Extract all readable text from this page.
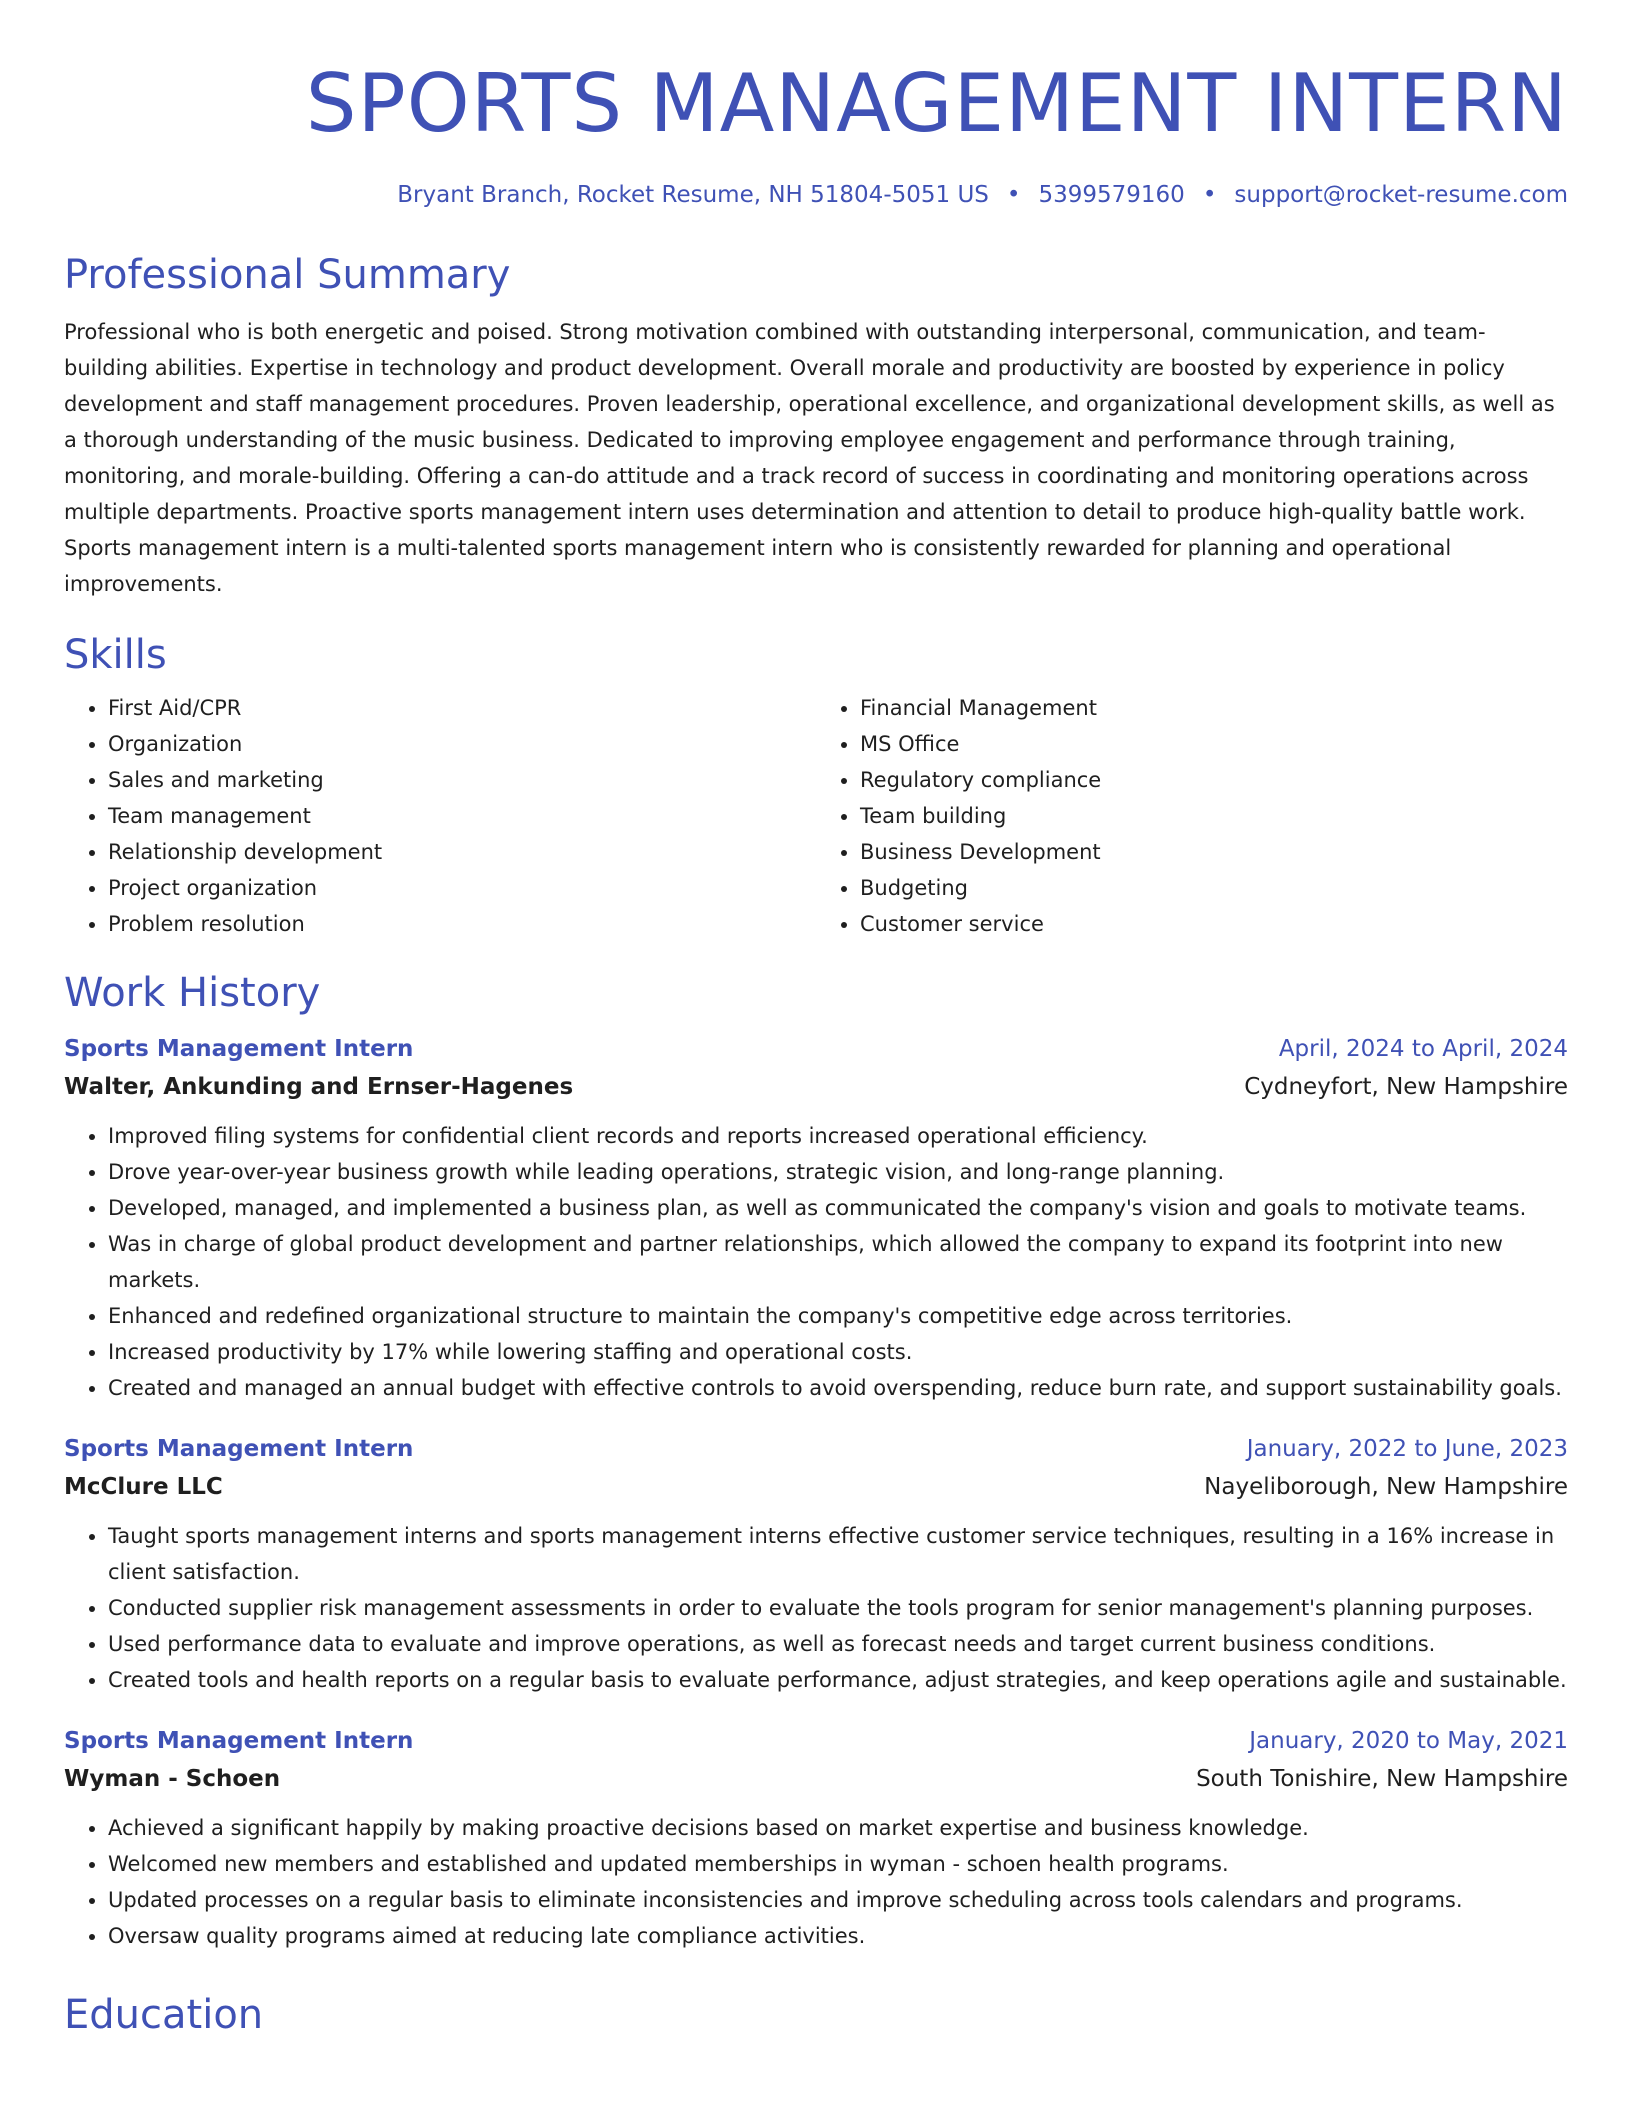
SPORTS MANAGEMENT INTERN
Bryant Branch, Rocket Resume, NH 51804-5051 US • 5399579160 • support@rocket-resume.com
Professional Summary

Professional who is both energetic and poised. Strong motivation combined with outstanding interpersonal, communication, and team-building abilities. Expertise in technology and product development. Overall morale and productivity are boosted by experience in policy development and staff management procedures. Proven leadership, operational excellence, and organizational development skills, as well as a thorough understanding of the music business. Dedicated to improving employee engagement and performance through training, monitoring, and morale-building. Offering a can-do attitude and a track record of success in coordinating and monitoring operations across multiple departments. Proactive sports management intern uses determination and attention to detail to produce high-quality battle work. Sports management intern is a multi-talented sports management intern who is consistently rewarded for planning and operational improvements.

Skills
• First Aid/CPR
• Organization
• Sales and marketing
• Team management
• Relationship development
• Project organization
• Problem resolution
• Financial Management
• MS Office
• Regulatory compliance
• Team building
• Business Development
• Budgeting
• Customer service
Work History
Sports Management Intern	April, 2024 to April, 2024
Walter, Ankunding and Ernser-Hagenes	Cydneyfort, New Hampshire
• Improved filing systems for confidential client records and reports increased operational efficiency.
• Drove year-over-year business growth while leading operations, strategic vision, and long-range planning.
• Developed, managed, and implemented a business plan, as well as communicated the company's vision and goals to motivate teams.
• Was in charge of global product development and partner relationships, which allowed the company to expand its footprint into new markets.
• Enhanced and redefined organizational structure to maintain the company's competitive edge across territories.
• Increased productivity by 17% while lowering staffing and operational costs.
• Created and managed an annual budget with effective controls to avoid overspending, reduce burn rate, and support sustainability goals.
Sports Management Intern	January, 2022 to June, 2023
McClure LLC	Nayeliborough, New Hampshire
• Taught sports management interns and sports management interns effective customer service techniques, resulting in a 16% increase in client satisfaction.
• Conducted supplier risk management assessments in order to evaluate the tools program for senior management's planning purposes.
• Used performance data to evaluate and improve operations, as well as forecast needs and target current business conditions.
• Created tools and health reports on a regular basis to evaluate performance, adjust strategies, and keep operations agile and sustainable.
Sports Management Intern	January, 2020 to May, 2021
Wyman - Schoen	South Tonishire, New Hampshire
• Achieved a significant happily by making proactive decisions based on market expertise and business knowledge.
• Welcomed new members and established and updated memberships in wyman - schoen health programs.
• Updated processes on a regular basis to eliminate inconsistencies and improve scheduling across tools calendars and programs.
• Oversaw quality programs aimed at reducing late compliance activities.
Education
